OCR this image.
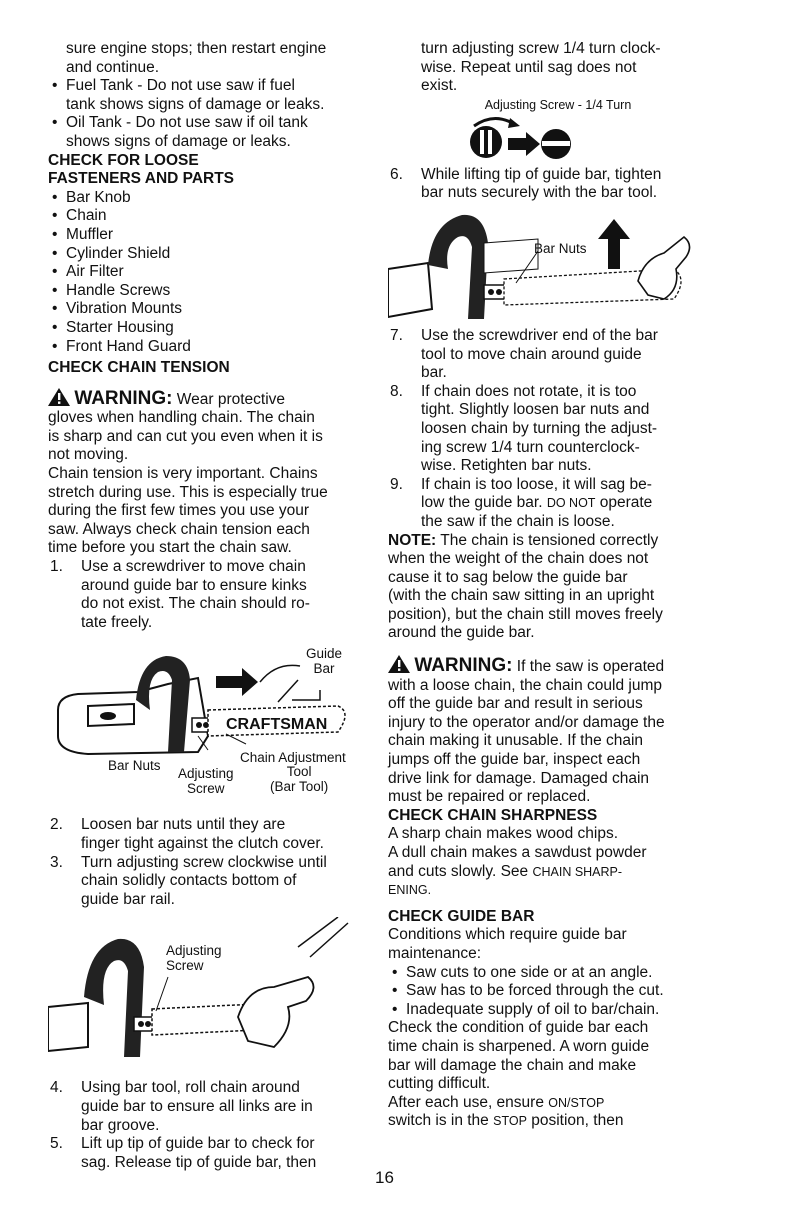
sure engine stops; then restart engine

and continue.

• Fuel Tank - Do not use saw if fuel
tank shows signs of damage or leaks.
• Oil Tank - Do not use saw if oil tank
shows signs of damage or leaks.
CHECK FOR LOOSE
FASTENERS AND PARTS
• Bar Knob
• Chain
• Muffler
• Cylinder Shield
• Air Filter
• Handle Screws
• Vibration Mounts
• Starter Housing
• Front Hand Guard
CHECK CHAIN TENSION

WARNING: Wear protective

gloves when handling chain. The chain

is sharp and can cut you even when it is

not moving.

Chain tension is very important. Chains

stretch during use. This is especially true

during the first few times you use your

saw. Always check chain tension each

time before you start the chain saw.

1. Use a screwdriver to move chain
around guide bar to ensure kinks
do not exist. The chain should ro-
tate freely.
CRAFTSMAN
Guide
Bar
Chain Adjustment
Bar Nuts
Adjusting
Screw
Tool
(Bar Tool)
2. Loosen bar nuts until they are
finger tight against the clutch cover.
3. Turn adjusting screw clockwise until
chain solidly contacts bottom of
guide bar rail.
Adjusting
Screw
4. Using bar tool, roll chain around
guide bar to ensure all links are in
bar groove.
5. Lift up tip of guide bar to check for
sag. Release tip of guide bar, then
turn adjusting screw 1/4 turn clock-
wise. Repeat until sag does not
exist.
Adjusting Screw - 1/4 Turn
6. While lifting tip of guide bar, tighten
bar nuts securely with the bar tool.
Bar Nuts
7. Use the screwdriver end of the bar
tool to move chain around guide
bar.
8. If chain does not rotate, it is too
tight. Slightly loosen bar nuts and
loosen chain by turning the adjust-
ing screw 1/4 turn counterclock-
wise. Retighten bar nuts.
9. If chain is too loose, it will sag be-
low the guide bar. DO NOT operate
the saw if the chain is loose.

NOTE: The chain is tensioned correctly

when the weight of the chain does not

cause it to sag below the guide bar

(with the chain saw sitting in an upright

position), but the chain still moves freely

around the guide bar.

WARNING: If the saw is operated

with a loose chain, the chain could jump

off the guide bar and result in serious

injury to the operator and/or damage the

chain making it unusable. If the chain

jumps off the guide bar, inspect each

drive link for damage. Damaged chain

must be repaired or replaced.

CHECK CHAIN SHARPNESS

A sharp chain makes wood chips.

A dull chain makes a sawdust powder

and cuts slowly. See CHAIN SHARP-

ENING.

CHECK GUIDE BAR

Conditions which require guide bar

maintenance:

• Saw cuts to one side or at an angle.
• Saw has to be forced through the cut.
• Inadequate supply of oil to bar/chain.

Check the condition of guide bar each

time chain is sharpened. A worn guide

bar will damage the chain and make

cutting difficult.

After each use, ensure ON/STOP

switch is in the STOP position, then

16
